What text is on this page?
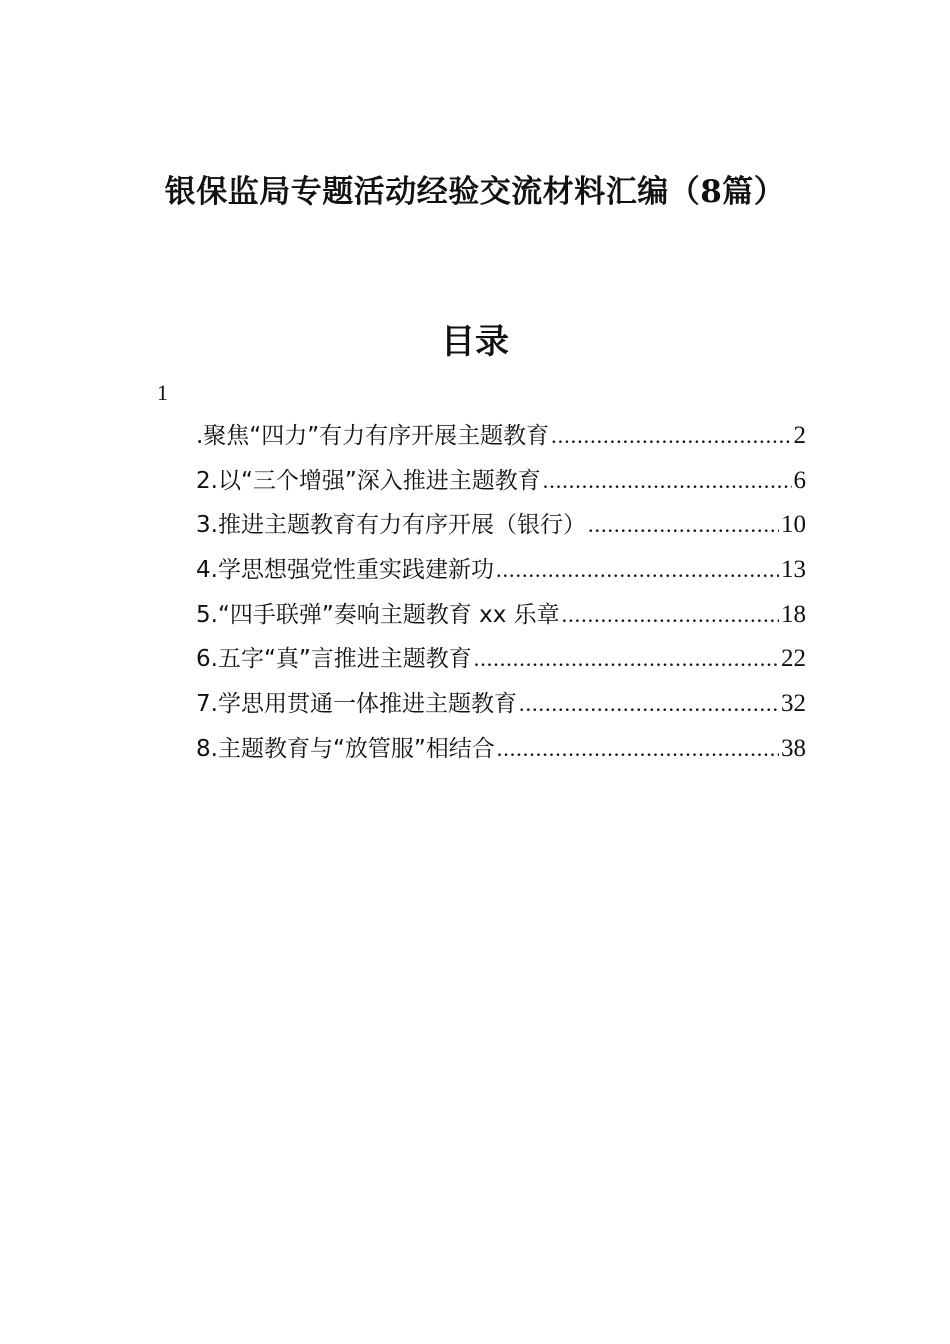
银保监局专题活动经验交流材料汇编（8篇）
目录
1
.聚焦“四力”有力有序开展主题教育 .....	2
2.以“三个增强”深入推进主题教育 .....	6
3.推进主题教育有力有序开展（银行） .....	10
4.学思想强党性重实践建新功 .....	13
5.“四手联弹”奏响主题教育 xx 乐章 .....	18
6.五字“真”言推进主题教育 .....	22
7.学思用贯通一体推进主题教育 .....	32
8.主题教育与“放管服”相结合 .....	38
